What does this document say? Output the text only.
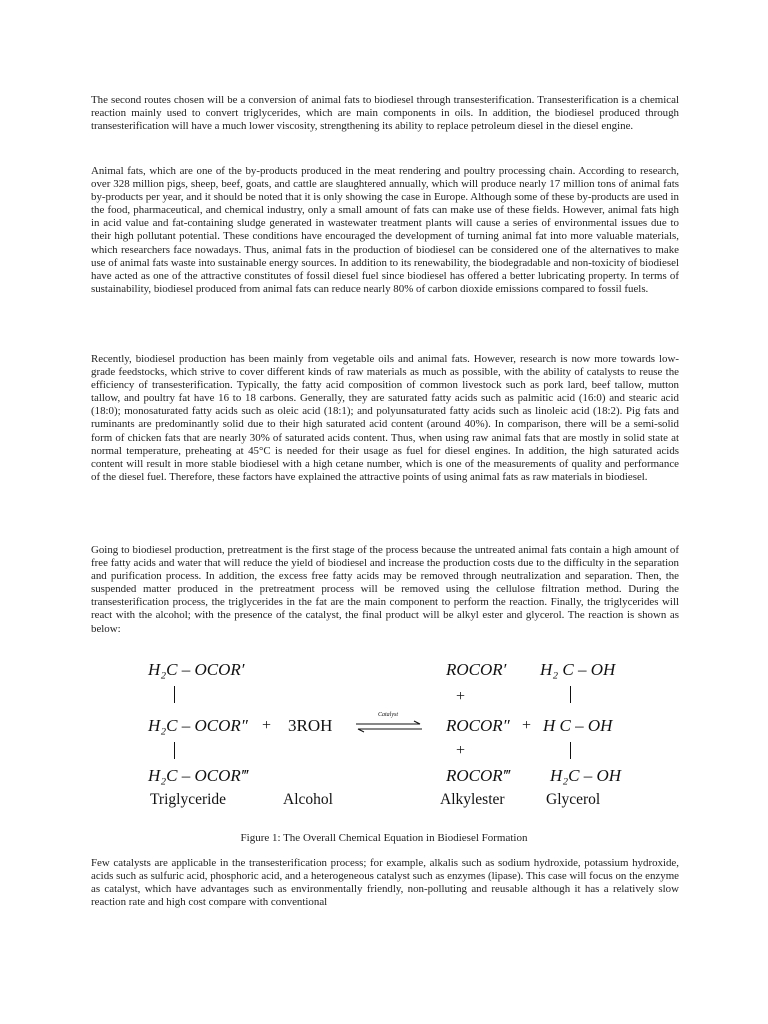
The second routes chosen will be a conversion of animal fats to biodiesel through transesterification. Transesterification is a chemical reaction mainly used to convert triglycerides, which are main components in oils. In addition, the biodiesel produced through transesterification will have a much lower viscosity, strengthening its ability to replace petroleum diesel in the diesel engine.

Animal fats, which are one of the by-products produced in the meat rendering and poultry processing chain. According to research, over 328 million pigs, sheep, beef, goats, and cattle are slaughtered annually, which will produce nearly 17 million tons of animal fats by-products per year, and it should be noted that it is only showing the case in Europe. Although some of these by-products are used in the food, pharmaceutical, and chemical industry, only a small amount of fats can make use of these fields. However, animal fats high in acid value and fat-containing sludge generated in wastewater treatment plants will cause a series of environmental issues due to their high pollutant potential. These conditions have encouraged the development of turning animal fat into more valuable materials, which researchers face nowadays. Thus, animal fats in the production of biodiesel can be considered one of the alternatives to make use of animal fats waste into sustainable energy sources. In addition to its renewability, the biodegradable and non-toxicity of biodiesel have acted as one of the attractive constitutes of fossil diesel fuel since biodiesel has offered a better lubricating property. In terms of sustainability, biodiesel produced from animal fats can reduce nearly 80% of carbon dioxide emissions compared to fossil fuels.

Recently, biodiesel production has been mainly from vegetable oils and animal fats. However, research is now more towards low-grade feedstocks, which strive to cover different kinds of raw materials as much as possible, with the ability of catalysts to reuse the efficiency of transesterification. Typically, the fatty acid composition of common livestock such as pork lard, beef tallow, mutton tallow, and poultry fat have 16 to 18 carbons. Generally, they are saturated fatty acids such as palmitic acid (16:0) and stearic acid (18:0); monosaturated fatty acids such as oleic acid (18:1); and polyunsaturated fatty acids such as linoleic acid (18:2). Pig fats and ruminants are predominantly solid due to their high saturated acid content (around 40%). In comparison, there will be a semi-solid form of chicken fats that are nearly 30% of saturated acids content. Thus, when using raw animal fats that are mostly in solid state at normal temperature, preheating at 45°C is needed for their usage as fuel for diesel engines. In addition, the high saturated acids content will result in more stable biodiesel with a high cetane number, which is one of the measurements of quality and performance of the diesel fuel. Therefore, these factors have explained the attractive points of using animal fats as raw materials in biodiesel.

Going to biodiesel production, pretreatment is the first stage of the process because the untreated animal fats contain a high amount of free fatty acids and water that will reduce the yield of biodiesel and increase the production costs due to the difficulty in the separation and purification process. In addition, the excess free fatty acids may be removed through neutralization and separation. Then, the suspended matter produced in the pretreatment process will be removed using the cellulose filtration method. During the transesterification process, the triglycerides in the fat are the main component to perform the reaction. Finally, the triglycerides will react with the alcohol; with the presence of the catalyst, the final product will be alkyl ester and glycerol. The reaction is shown as below:

H₂C – OCOR′
H₂C – OCOR″
H₂C – OCOR‴
+ 3ROH
Catalyst
ROCOR′
+
ROCOR″
+
ROCOR‴
+
H₂ C – OH
H C – OH
H₂C – OH
Triglyceride	Alcohol	Alkylester	Glycerol
Figure 1: The Overall Chemical Equation in Biodiesel Formation

Few catalysts are applicable in the transesterification process; for example, alkalis such as sodium hydroxide, potassium hydroxide, acids such as sulfuric acid, phosphoric acid, and a heterogeneous catalyst such as enzymes (lipase). This case will focus on the enzyme as catalyst, which have advantages such as environmentally friendly, non-polluting and reusable although it has a relatively slow reaction rate and high cost compare with conventional
